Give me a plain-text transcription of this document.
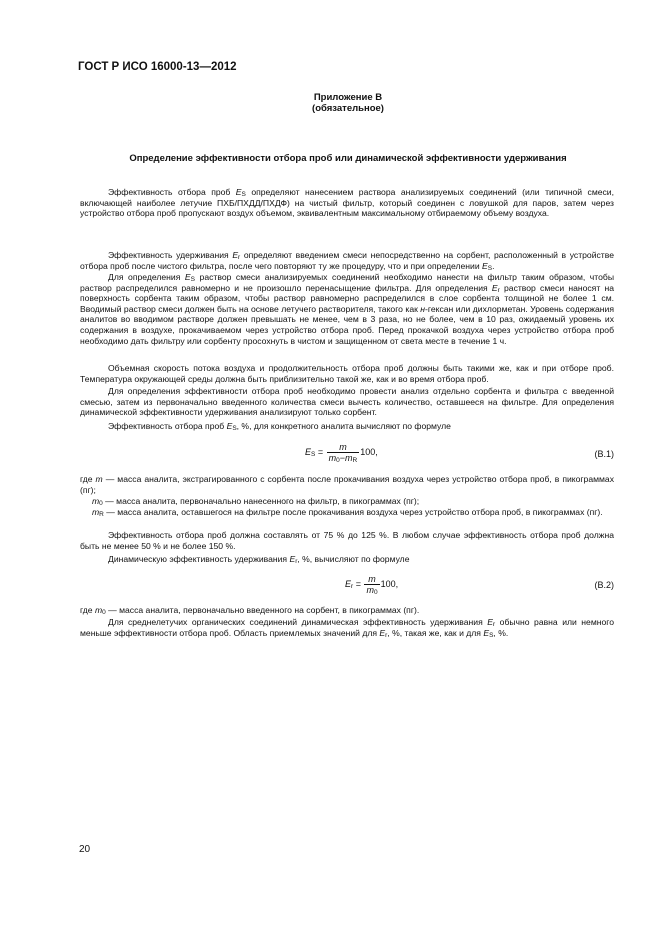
ГОСТ Р ИСО 16000-13—2012
Приложение В
(обязательное)
Определение эффективности отбора проб или динамической эффективности удерживания
Эффективность отбора проб $E_S$ определяют нанесением раствора анализируемых соединений (или типичной смеси, включающей наиболее летучие ПХБ/ПХДД/ПХДФ) на чистый фильтр, который соединен с ловушкой для паров, затем через устройство отбора проб пропускают воздух объемом, эквивалентным максимальному отбираемому объему воздуха.
Эффективность удерживания $E_r$ определяют введением смеси непосредственно на сорбент, расположенный в устройстве отбора проб после чистого фильтра, после чего повторяют ту же процедуру, что и при определении $E_S$.
Для определения $E_S$ раствор смеси анализируемых соединений необходимо нанести на фильтр таким образом, чтобы раствор распределился равномерно и не произошло перенасыщение фильтра. Для определения $E_r$ раствор смеси наносят на поверхность сорбента таким образом, чтобы раствор равномерно распределился в слое сорбента толщиной не более 1 см. Вводимый раствор смеси должен быть на основе летучего растворителя, такого как н-гексан или дихлорметан. Уровень содержания аналитов во вводимом растворе должен превышать не менее, чем в 3 раза, но не более, чем в 10 раз, ожидаемый уровень их содержания в воздухе, прокачиваемом через устройство отбора проб. Перед прокачкой воздуха через устройство отбора проб необходимо дать фильтру или сорбенту просохнуть в чистом и защищенном от света месте в течение 1 ч.
Объемная скорость потока воздуха и продолжительность отбора проб должны быть такими же, как и при отборе проб. Температура окружающей среды должна быть приблизительно такой же, как и во время отбора проб.
Для определения эффективности отбора проб необходимо провести анализ отдельно сорбента и фильтра с введенной смесью, затем из первоначально введенного количества смеси вычесть количество, оставшееся на фильтре. Для определения динамической эффективности удерживания анализируют только сорбент.
Эффективность отбора проб $E_S$, %, для конкретного аналита вычисляют по формуле
$E_S = \frac{m}{m_0-m_R} 100$,	(В.1)
где m — масса аналита, экстрагированного с сорбента после прокачивания воздуха через устройство отбора проб, в пикограммах (пг);
$m_0$ — масса аналита, первоначально нанесенного на фильтр, в пикограммах (пг);
$m_R$ — масса аналита, оставшегося на фильтре после прокачивания воздуха через устройство отбора проб, в пикограммах (пг).
Эффективность отбора проб должна составлять от 75 % до 125 %. В любом случае эффективность отбора проб должна быть не менее 50 % и не более 150 %.
Динамическую эффективность удерживания $E_r$, %, вычисляют по формуле
$E_r = \frac{m}{m_0} 100$,	(В.2)
где $m_0$ — масса аналита, первоначально введенного на сорбент, в пикограммах (пг).
Для среднелетучих органических соединений динамическая эффективность удерживания $E_r$ обычно равна или немного меньше эффективности отбора проб. Область приемлемых значений для $E_r$, %, такая же, как и для $E_S$, %.
20
